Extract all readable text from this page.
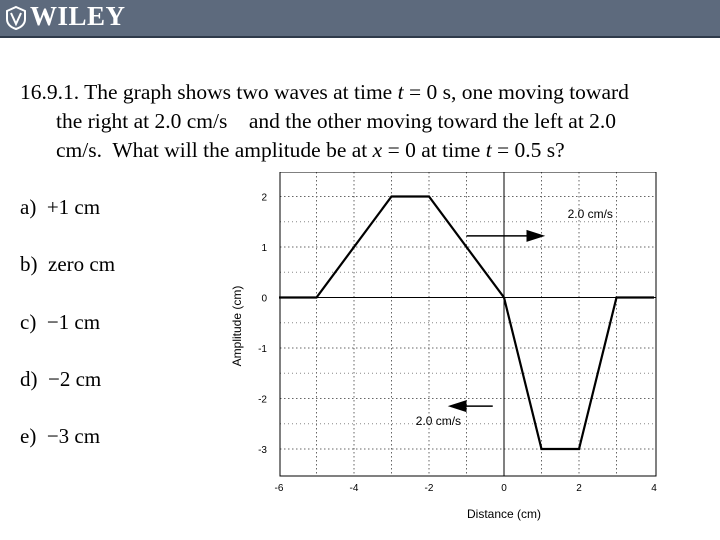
WILEY
16.9.1. The graph shows two waves at time t = 0 s, one moving toward
the right at 2.0 cm/s    and the other moving toward the left at 2.0
cm/s.  What will the amplitude be at x = 0 at time t = 0.5 s?
a) +1 cm
b) zero cm
c) −1 cm
d) −2 cm
e) −3 cm
2
1
0
-1
-2
-3
-6	-4	-2	0	2	4
Distance (cm)
Amplitude (cm)
2.0 cm/s
2.0 cm/s
